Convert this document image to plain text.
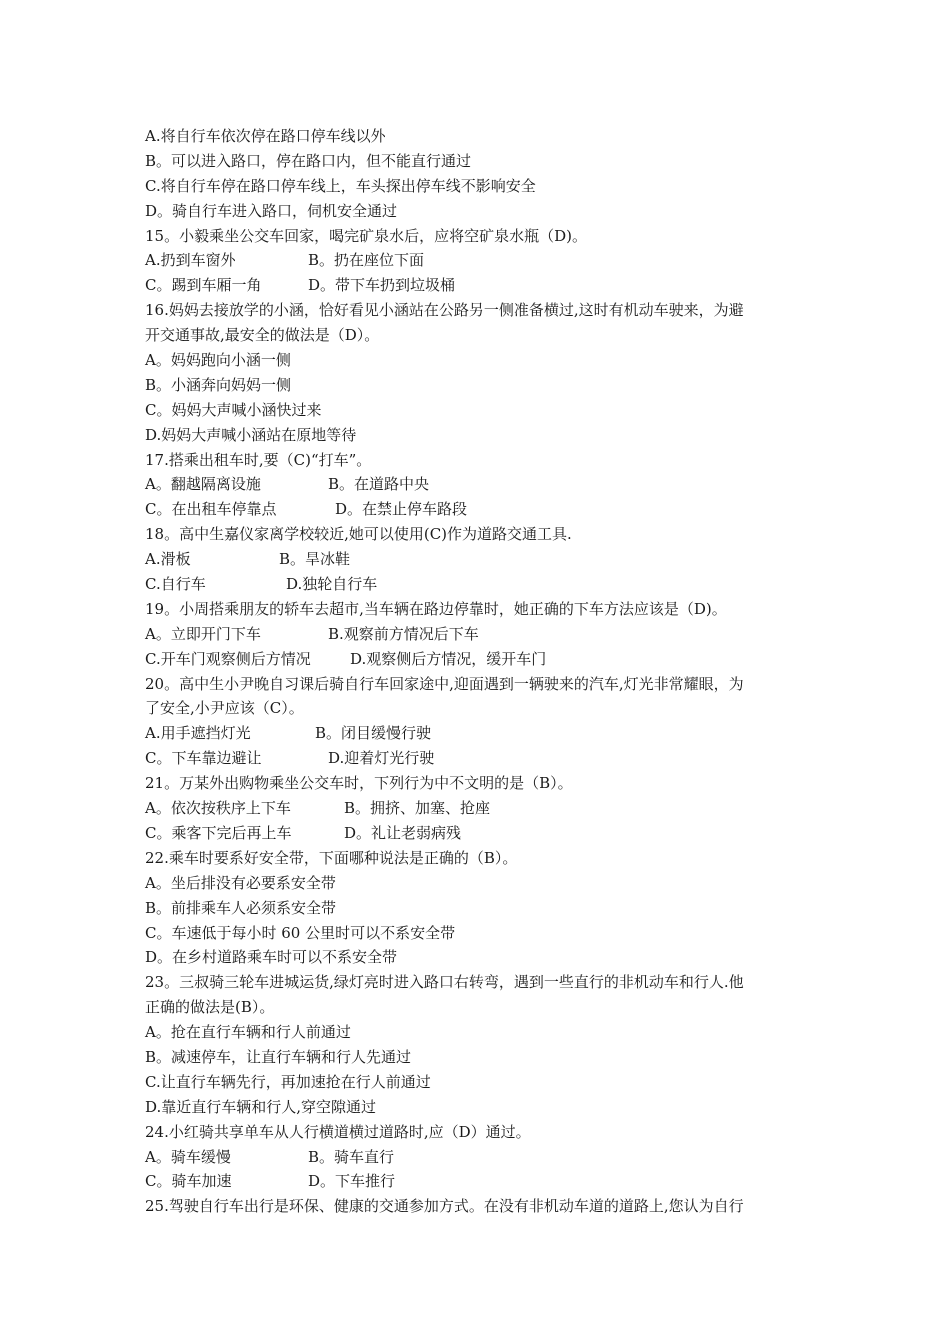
A.将自行车依次停在路口停车线以外
B。可以进入路口，停在路口内，但不能直行通过
C.将自行车停在路口停车线上，车头探出停车线不影响安全
D。骑自行车进入路口，伺机安全通过
15。小毅乘坐公交车回家，喝完矿泉水后，应将空矿泉水瓶（D)。
A.扔到车窗外	B。扔在座位下面
C。踢到车厢一角	D。带下车扔到垃圾桶
16.妈妈去接放学的小涵，恰好看见小涵站在公路另一侧准备横过,这时有机动车驶来，为避
开交通事故,最安全的做法是（D）。
A。妈妈跑向小涵一侧
B。小涵奔向妈妈一侧
C。妈妈大声喊小涵快过来
D.妈妈大声喊小涵站在原地等待
17.搭乘出租车时,要（C)“打车”。
A。翻越隔离设施	B。在道路中央
C。在出租车停靠点	D。在禁止停车路段
18。高中生嘉仪家离学校较近,她可以使用(C)作为道路交通工具.
A.滑板	B。旱冰鞋
C.自行车	D.独轮自行车
19。小周搭乘朋友的轿车去超市,当车辆在路边停靠时，她正确的下车方法应该是（D)。
A。立即开门下车	B.观察前方情况后下车
C.开车门观察侧后方情况	D.观察侧后方情况，缓开车门
20。高中生小尹晚自习课后骑自行车回家途中,迎面遇到一辆驶来的汽车,灯光非常耀眼，为
了安全,小尹应该（C）。
A.用手遮挡灯光	B。闭目缓慢行驶
C。下车靠边避让	D.迎着灯光行驶
21。万某外出购物乘坐公交车时，下列行为中不文明的是（B）。
A。依次按秩序上下车	B。拥挤、加塞、抢座
C。乘客下完后再上车	D。礼让老弱病残
22.乘车时要系好安全带，下面哪种说法是正确的（B）。
A。坐后排没有必要系安全带
B。前排乘车人必须系安全带
C。车速低于每小时 60 公里时可以不系安全带
D。在乡村道路乘车时可以不系安全带
23。三叔骑三轮车进城运货,绿灯亮时进入路口右转弯，遇到一些直行的非机动车和行人.他
正确的做法是(B）。
A。抢在直行车辆和行人前通过
B。减速停车，让直行车辆和行人先通过
C.让直行车辆先行，再加速抢在行人前通过
D.靠近直行车辆和行人,穿空隙通过
24.小红骑共享单车从人行横道横过道路时,应（D）通过。
A。骑车缓慢	B。骑车直行
C。骑车加速	D。下车推行
25.驾驶自行车出行是环保、健康的交通参加方式。在没有非机动车道的道路上,您认为自行
